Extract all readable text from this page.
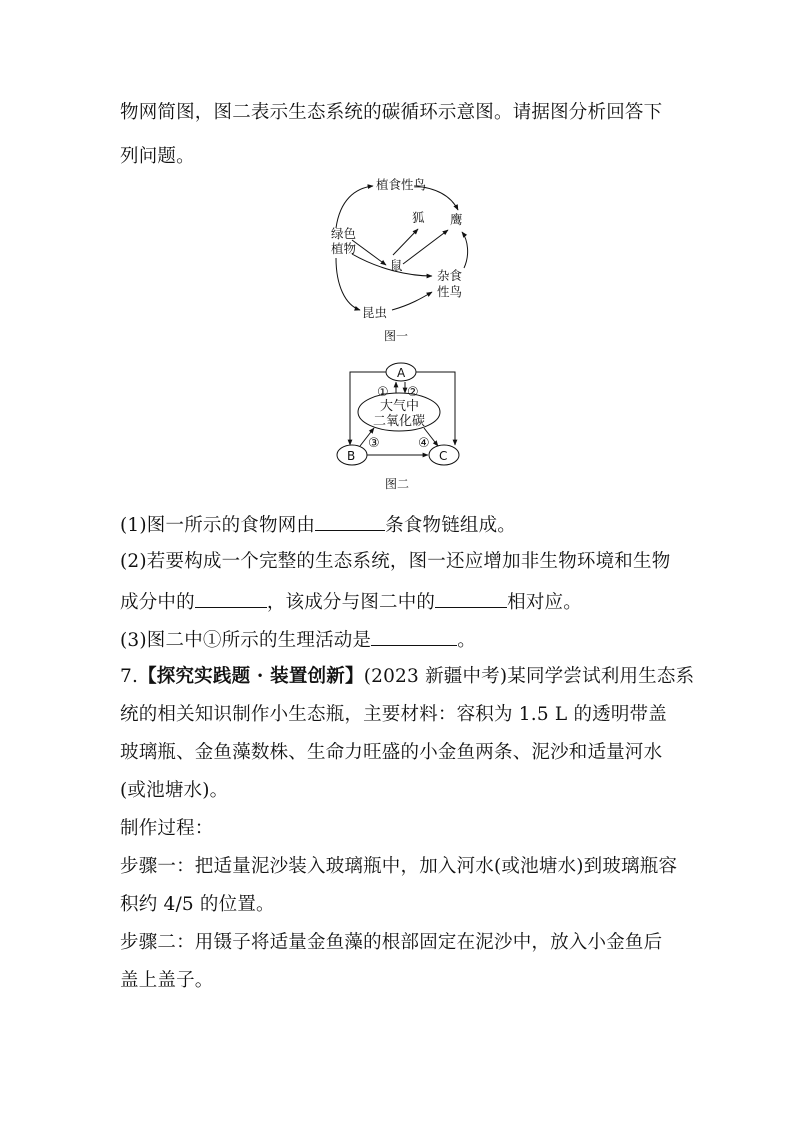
物网简图，图二表示生态系统的碳循环示意图。请据图分析回答下
列问题。
绿色
植物
植食性鸟
狐 鹰
鼠
杂食
性鸟
昆虫
图一
A
B	C
大气中
二氧化碳
① ②
③	④
图二
(1)图一所示的食物网由	条食物链组成。
(2)若要构成一个完整的生态系统，图一还应增加非生物环境和生物
成分中的	，该成分与图二中的	相对应。
(3)图二中①所示的生理活动是	。
7.【探究实践题 · 装置创新】(2023 新疆中考)某同学尝试利用生态系
统的相关知识制作小生态瓶，主要材料：容积为 1.5 L 的透明带盖
玻璃瓶、金鱼藻数株、生命力旺盛的小金鱼两条、泥沙和适量河水
(或池塘水)。
制作过程：
步骤一：把适量泥沙装入玻璃瓶中，加入河水(或池塘水)到玻璃瓶容
积约 4/5 的位置。
步骤二：用镊子将适量金鱼藻的根部固定在泥沙中，放入小金鱼后
盖上盖子。
